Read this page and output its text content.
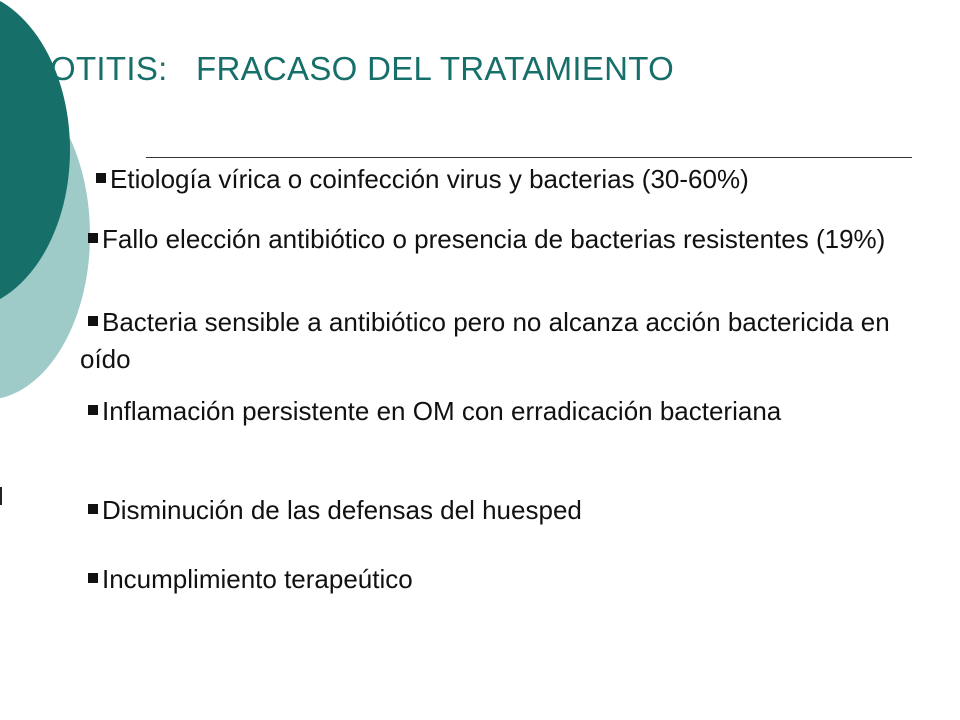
OTITIS:   FRACASO DEL TRATAMIENTO
Etiología vírica o coinfección virus y bacterias (30-60%)
Fallo elección antibiótico o presencia de bacterias resistentes (19%)
Bacteria sensible a antibiótico pero no alcanza acción bactericida en oído
Inflamación persistente en OM con erradicación bacteriana
Disminución de las defensas del huesped
Incumplimiento terapeútico
